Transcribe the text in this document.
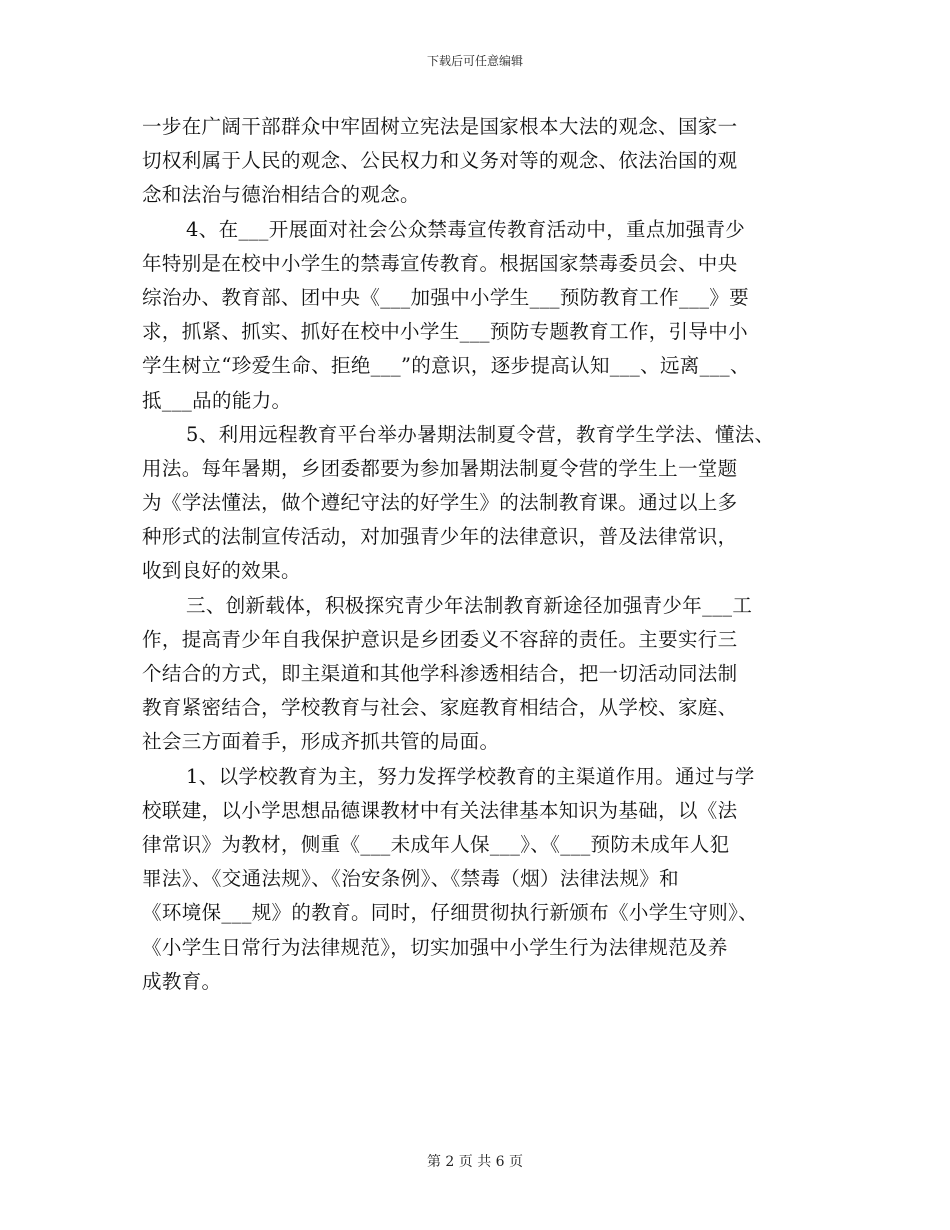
下载后可任意编辑
一步在广阔干部群众中牢固树立宪法是国家根本大法的观念、国家一
切权利属于人民的观念、公民权力和义务对等的观念、依法治国的观
念和法治与德治相结合的观念。
4、在___开展面对社会公众禁毒宣传教育活动中，重点加强青少
年特别是在校中小学生的禁毒宣传教育。根据国家禁毒委员会、中央
综治办、教育部、团中央《___加强中小学生___预防教育工作___》要
求，抓紧、抓实、抓好在校中小学生___预防专题教育工作，引导中小
学生树立“珍爱生命、拒绝___”的意识，逐步提高认知___、远离___、
抵___品的能力。
5、利用远程教育平台举办暑期法制夏令营，教育学生学法、懂法、
用法。每年暑期，乡团委都要为参加暑期法制夏令营的学生上一堂题
为《学法懂法，做个遵纪守法的好学生》的法制教育课。通过以上多
种形式的法制宣传活动，对加强青少年的法律意识，普及法律常识，
收到良好的效果。
三、创新载体，积极探究青少年法制教育新途径加强青少年___工
作，提高青少年自我保护意识是乡团委义不容辞的责任。主要实行三
个结合的方式，即主渠道和其他学科渗透相结合，把一切活动同法制
教育紧密结合，学校教育与社会、家庭教育相结合，从学校、家庭、
社会三方面着手，形成齐抓共管的局面。
1、以学校教育为主，努力发挥学校教育的主渠道作用。通过与学
校联建，以小学思想品德课教材中有关法律基本知识为基础，以《法
律常识》为教材，侧重《___未成年人保___》、《___预防未成年人犯
罪法》、《交通法规》、《治安条例》、《禁毒（烟）法律法规》和
《环境保___规》的教育。同时，仔细贯彻执行新颁布《小学生守则》、
《小学生日常行为法律规范》，切实加强中小学生行为法律规范及养
成教育。
第 2 页 共 6 页
